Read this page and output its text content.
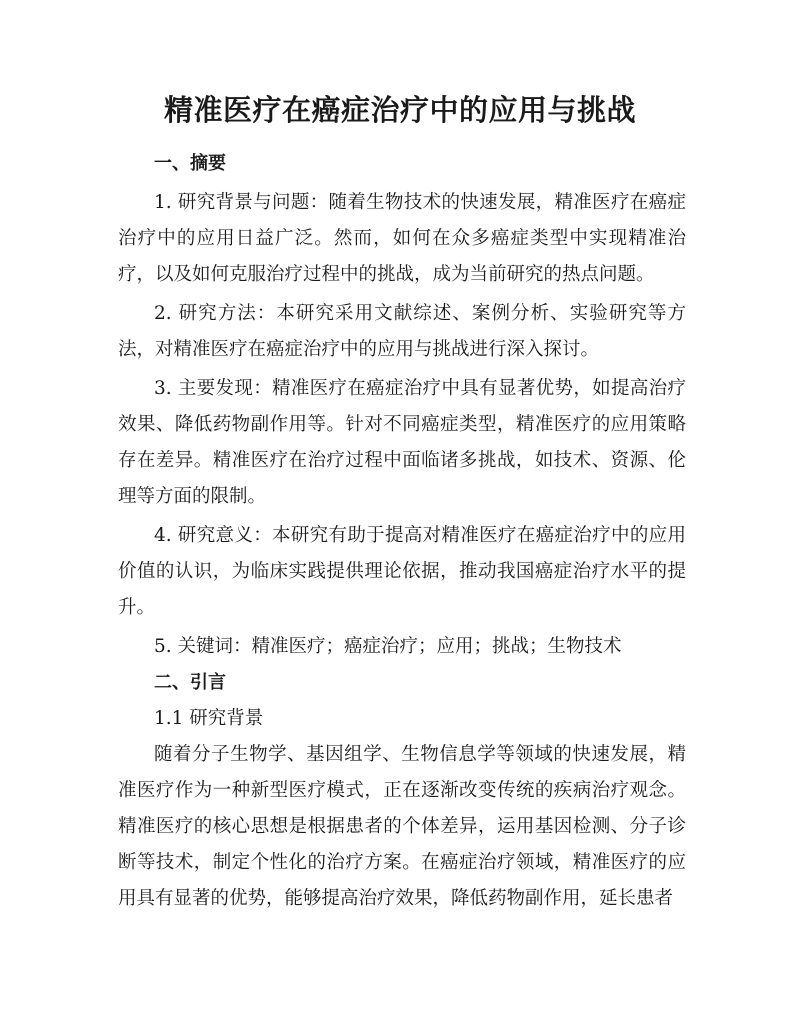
精准医疗在癌症治疗中的应用与挑战

一、摘要

1. 研究背景与问题：随着生物技术的快速发展，精准医疗在癌症治疗中的应用日益广泛。然而，如何在众多癌症类型中实现精准治疗，以及如何克服治疗过程中的挑战，成为当前研究的热点问题。

2. 研究方法：本研究采用文献综述、案例分析、实验研究等方法，对精准医疗在癌症治疗中的应用与挑战进行深入探讨。

3. 主要发现：精准医疗在癌症治疗中具有显著优势，如提高治疗效果、降低药物副作用等。针对不同癌症类型，精准医疗的应用策略存在差异。精准医疗在治疗过程中面临诸多挑战，如技术、资源、伦理等方面的限制。

4. 研究意义：本研究有助于提高对精准医疗在癌症治疗中的应用价值的认识，为临床实践提供理论依据，推动我国癌症治疗水平的提升。

5. 关键词：精准医疗；癌症治疗；应用；挑战；生物技术

二、引言

1.1 研究背景

随着分子生物学、基因组学、生物信息学等领域的快速发展，精准医疗作为一种新型医疗模式，正在逐渐改变传统的疾病治疗观念。精准医疗的核心思想是根据患者的个体差异，运用基因检测、分子诊断等技术，制定个性化的治疗方案。在癌症治疗领域，精准医疗的应用具有显著的优势，能够提高治疗效果，降低药物副作用，延长患者
